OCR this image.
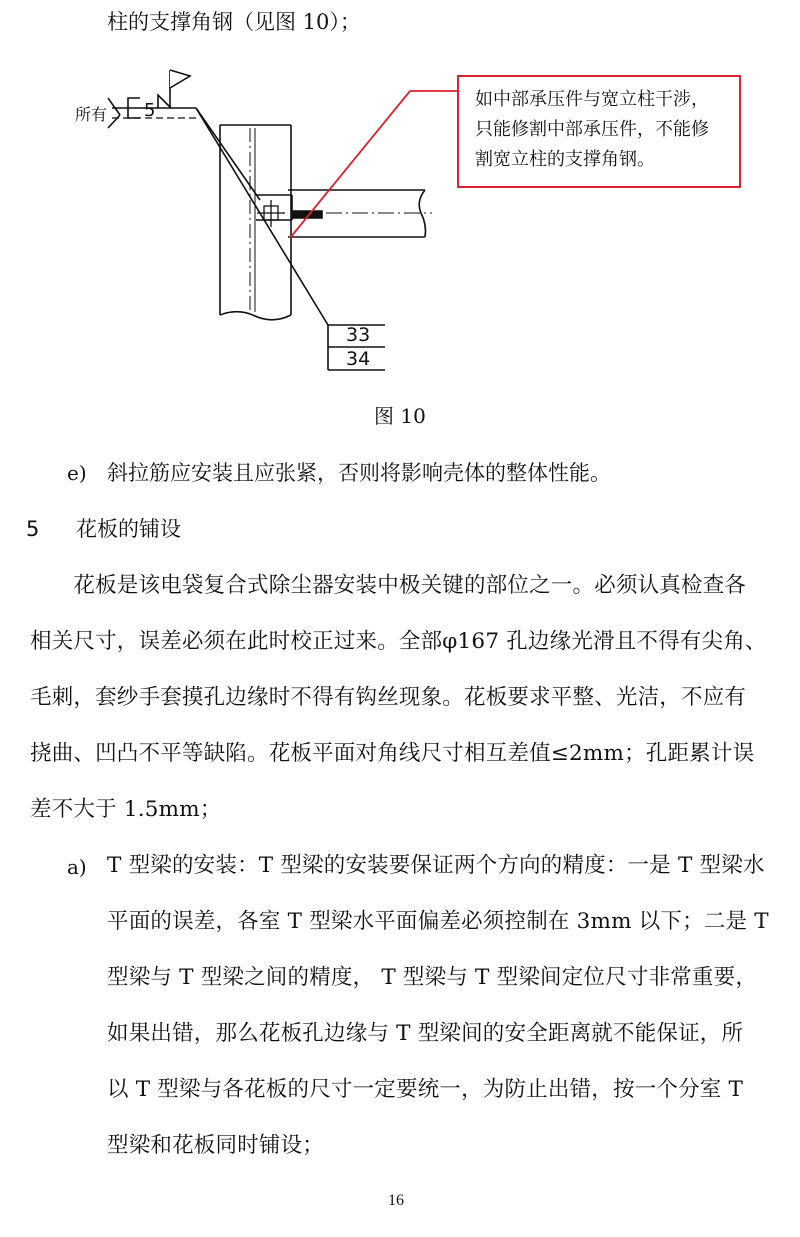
柱的支撑角钢（见图 10）；
5
所有
33
34
如中部承压件与宽立柱干涉，
只能修割中部承压件，不能修
割宽立柱的支撑角钢。
图 10
e) 斜拉筋应安装且应张紧，否则将影响壳体的整体性能。
5 花板的铺设
　　花板是该电袋复合式除尘器安装中极关键的部位之一。必须认真检查各
相关尺寸，误差必须在此时校正过来。全部φ167 孔边缘光滑且不得有尖角、
毛刺，套纱手套摸孔边缘时不得有钩丝现象。花板要求平整、光洁，不应有
挠曲、凹凸不平等缺陷。花板平面对角线尺寸相互差值≤2mm；孔距累计误
差不大于 1.5mm；
a) T 型梁的安装：T 型梁的安装要保证两个方向的精度：一是 T 型梁水
平面的误差，各室 T 型梁水平面偏差必须控制在 3mm 以下；二是 T
型梁与 T 型梁之间的精度， T 型梁与 T 型梁间定位尺寸非常重要，
如果出错，那么花板孔边缘与 T 型梁间的安全距离就不能保证，所
以 T 型梁与各花板的尺寸一定要统一，为防止出错，按一个分室 T
型梁和花板同时铺设；
16
